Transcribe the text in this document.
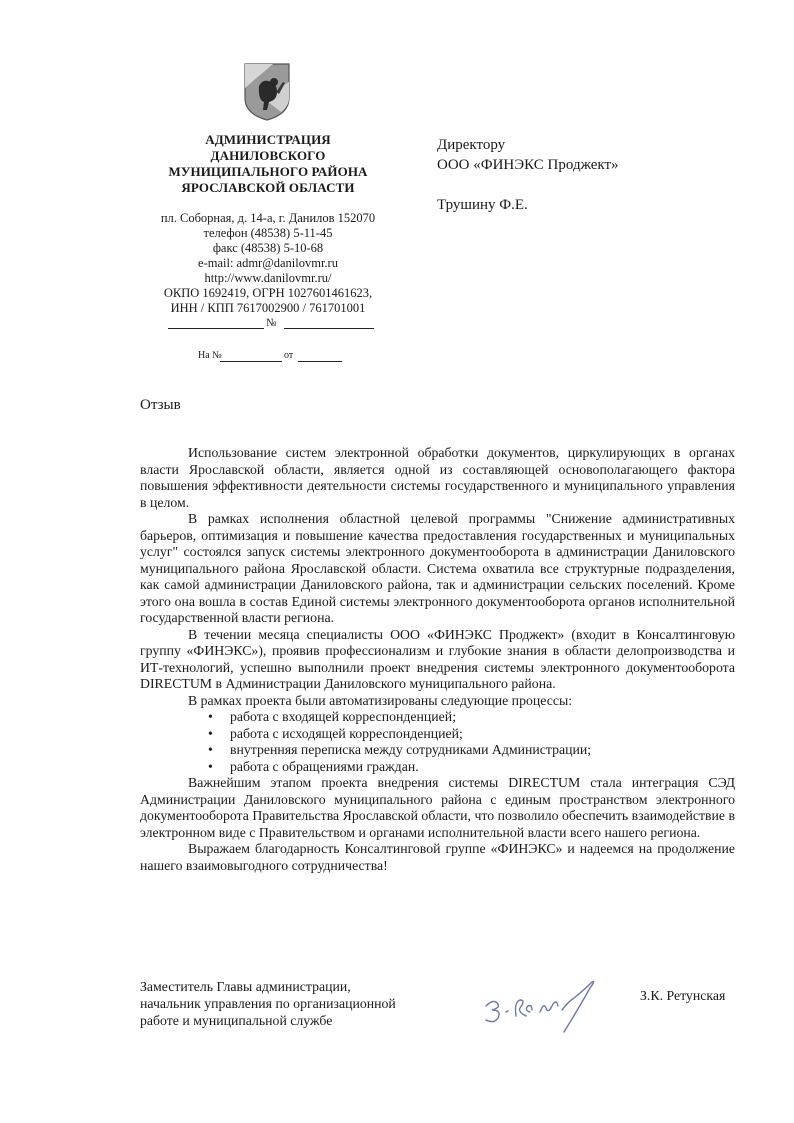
АДМИНИСТРАЦИЯ
ДАНИЛОВСКОГО
МУНИЦИПАЛЬНОГО РАЙОНА
ЯРОСЛАВСКОЙ ОБЛАСТИ
пл. Соборная, д. 14-а, г. Данилов 152070
телефон (48538) 5-11-45
факс (48538) 5-10-68
e-mail: admr@danilovmr.ru
http://www.danilovmr.ru/
ОКПО 1692419, ОГРН 1027601461623,
ИНН / КПП 7617002900 / 761701001
№
На №	от
Директору
ООО «ФИНЭКС Проджект»
Трушину Ф.Е.
Отзыв

Использование систем электронной обработки документов, циркулирующих в органах власти Ярославской области, является одной из составляющей основополагающего фактора повышения эффективности деятельности системы государственного и муниципального управления в целом.

В рамках исполнения областной целевой программы "Снижение административных барьеров, оптимизация и повышение качества предоставления государственных и муниципальных услуг" состоялся запуск системы электронного документооборота в администрации Даниловского муниципального района Ярославской области. Система охватила все структурные подразделения, как самой администрации Даниловского района, так и администрации сельских поселений. Кроме этого она вошла в состав Единой системы электронного документооборота органов исполнительной государственной власти региона.

В течении месяца специалисты ООО «ФИНЭКС Проджект» (входит в Консалтинговую группу «ФИНЭКС»), проявив профессионализм и глубокие знания в области делопроизводства и ИТ-технологий, успешно выполнили проект внедрения системы электронного документооборота DIRECTUM в Администрации Даниловского муниципального района.

В рамках проекта были автоматизированы следующие процессы:

• работа с входящей корреспонденцией;
• работа с исходящей корреспонденцией;
• внутренняя переписка между сотрудниками Администрации;
• работа с обращениями граждан.

Важнейшим этапом проекта внедрения системы DIRECTUM стала интеграция СЭД Администрации Даниловского муниципального района с единым пространством электронного документооборота Правительства Ярославской области, что позволило обеспечить взаимодействие в электронном виде с Правительством и органами исполнительной власти всего нашего региона.

Выражаем благодарность Консалтинговой группе «ФИНЭКС» и надеемся на продолжение нашего взаимовыгодного сотрудничества!

Заместитель Главы администрации,
начальник управления по организационной
работе и муниципальной службе
З.К. Ретунская
